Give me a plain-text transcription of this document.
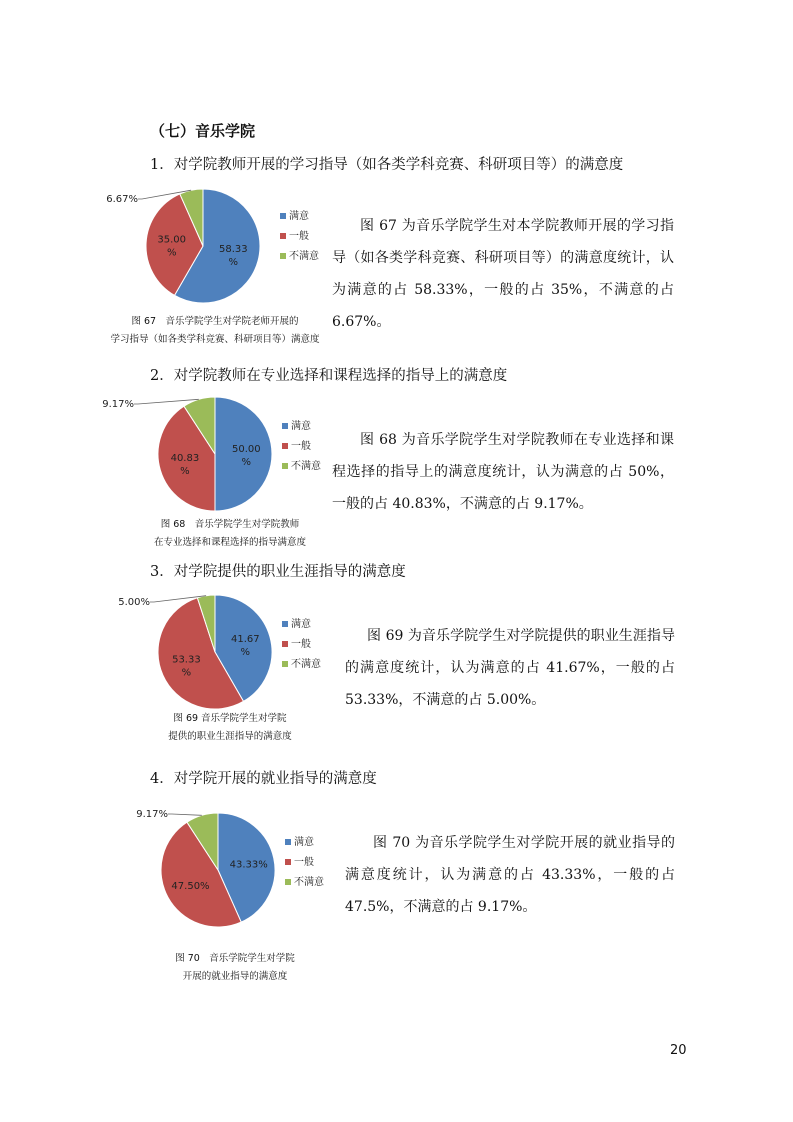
（七）音乐学院
1．对学院教师开展的学习指导（如各类学科竞赛、科研项目等）的满意度
58.33 %
35.00 %
6.67%
满意
一般
不满意
图 67　音乐学院学生对学院老师开展的
学习指导（如各类学科竞赛、科研项目等）满意度
图 67 为音乐学院学生对本学院教师开展的学习指导（如各类学科竞赛、科研项目等）的满意度统计，认为满意的占 58.33%，一般的占 35%，不满意的占 6.67%。
2．对学院教师在专业选择和课程选择的指导上的满意度
50.00 %
40.83 %
9.17%
满意
一般
不满意
图 68　音乐学院学生对学院教师
在专业选择和课程选择的指导满意度
图 68 为音乐学院学生对学院教师在专业选择和课程选择的指导上的满意度统计，认为满意的占 50%，一般的占 40.83%，不满意的占 9.17%。
3．对学院提供的职业生涯指导的满意度
41.67 %
53.33 %
5.00%
满意
一般
不满意
图 69 音乐学院学生对学院
提供的职业生涯指导的满意度
图 69 为音乐学院学生对学院提供的职业生涯指导的满意度统计，认为满意的占 41.67%，一般的占 53.33%，不满意的占 5.00%。
4．对学院开展的就业指导的满意度
43.33%
47.50%
9.17%
满意
一般
不满意
图 70　音乐学院学生对学院
开展的就业指导的满意度
图 70 为音乐学院学生对学院开展的就业指导的满意度统计，认为满意的占 43.33%，一般的占 47.5%，不满意的占 9.17%。
20
